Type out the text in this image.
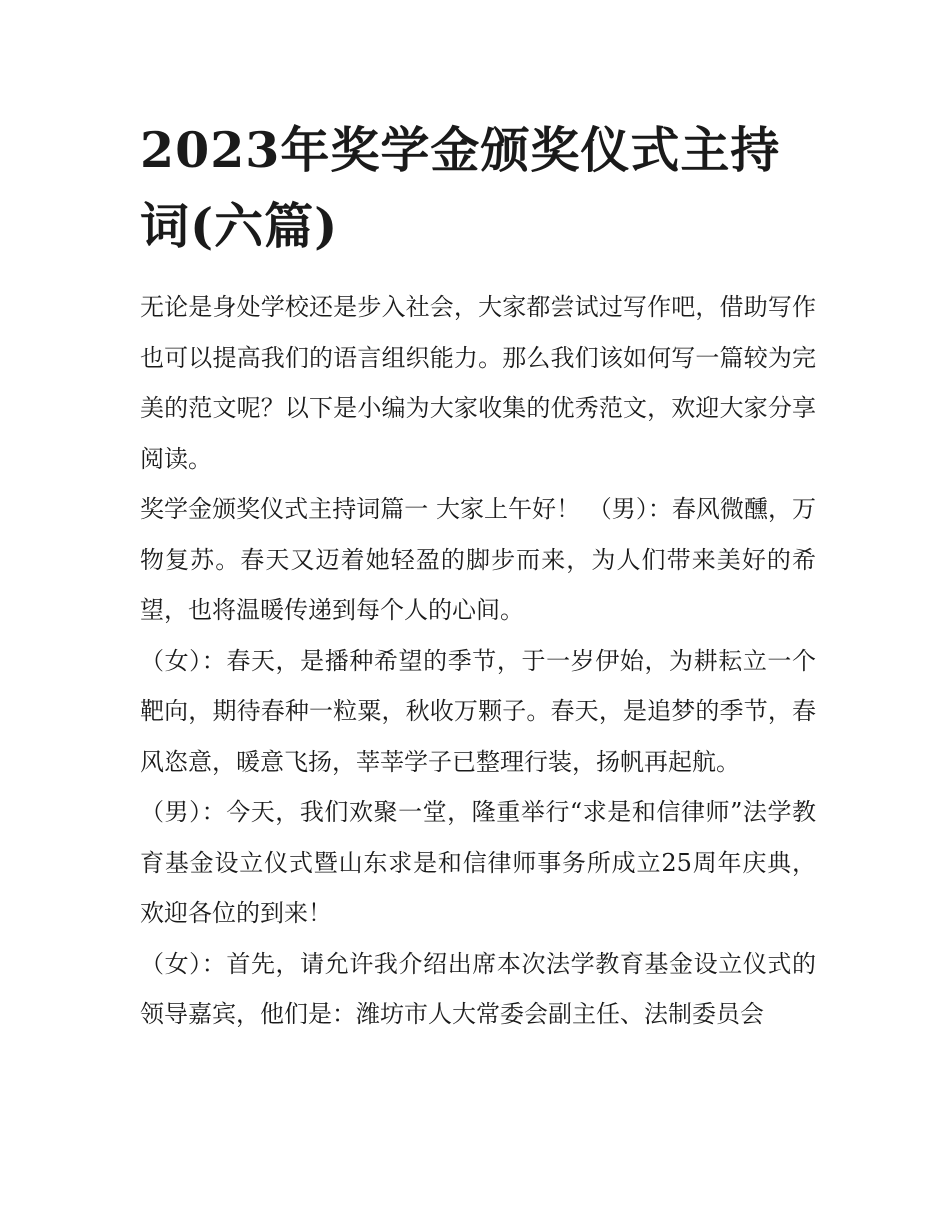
2023年奖学金颁奖仪式主持词(六篇)

无论是身处学校还是步入社会，大家都尝试过写作吧，借助写作也可以提高我们的语言组织能力。那么我们该如何写一篇较为完美的范文呢？以下是小编为大家收集的优秀范文，欢迎大家分享阅读。

奖学金颁奖仪式主持词篇一 大家上午好！ （男）：春风微醺，万物复苏。春天又迈着她轻盈的脚步而来，为人们带来美好的希望，也将温暖传递到每个人的心间。

（女）：春天，是播种希望的季节，于一岁伊始，为耕耘立一个靶向，期待春种一粒粟，秋收万颗子。春天，是追梦的季节，春风恣意，暖意飞扬，莘莘学子已整理行装，扬帆再起航。

（男）：今天，我们欢聚一堂，隆重举行“求是和信律师”法学教育基金设立仪式暨山东求是和信律师事务所成立25周年庆典，欢迎各位的到来！

（女）：首先，请允许我介绍出席本次法学教育基金设立仪式的领导嘉宾，他们是：潍坊市人大常委会副主任、法制委员会
